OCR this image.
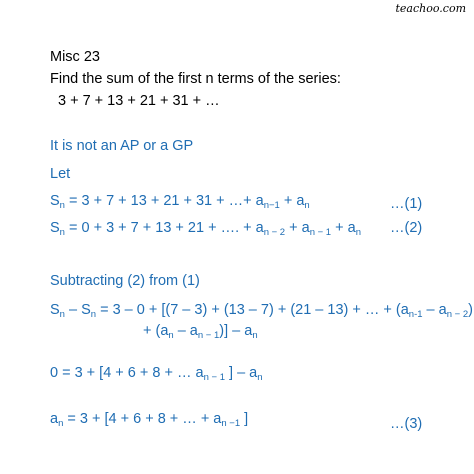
teachoo.com
Misc 23
Find the sum of the first n terms of the series:
3 + 7 + 13 + 21 + 31 + …
It is not an AP or a GP
Let
$S_n = 3 + 7 + 13 + 21 + 31$ + …+ $a_{n-1} + a_n$	…(1)
$S_n = 0 + 3 + 7 + 13 + 21$ + …. + $a_{n - 2} + a_{n - 1} + a_n$ …(2)
Subtracting (2) from (1)
$S_n - S_n = 3 - 0 + [(7 - 3) + (13 - 7) + (21 - 13)$ + … + $(a_{n-1} - a_{n - 2})$
+ $(a_n - a_{n - 1})] - a_n$
0 = 3 + [4 + 6 + 8 + … $a_{n - 1}$ ] – $a_n$
$a_n = 3 + [4 + 6 + 8$ + … + $a_{n -1}$ ]	…(3)
